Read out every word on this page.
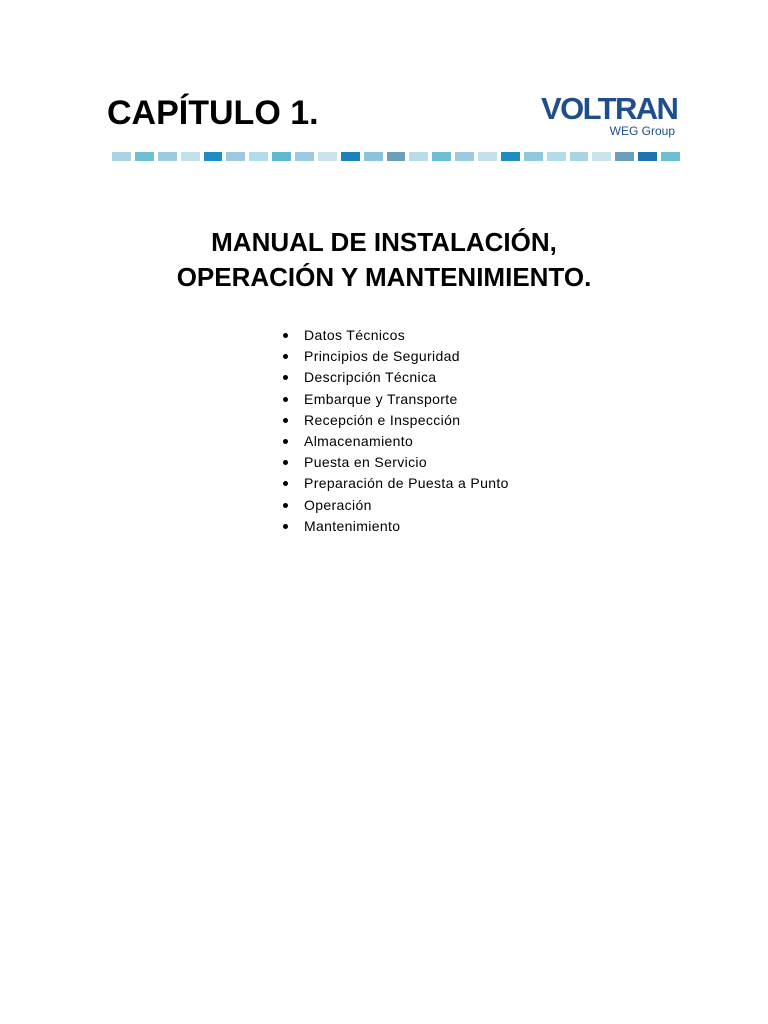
CAPÍTULO 1.	VOLTRAN
WEG Group
MANUAL DE INSTALACIÓN,
OPERACIÓN Y MANTENIMIENTO.
Datos Técnicos
Principios de Seguridad
Descripción Técnica
Embarque y Transporte
Recepción e Inspección
Almacenamiento
Puesta en Servicio
Preparación de Puesta a Punto
Operación
Mantenimiento
